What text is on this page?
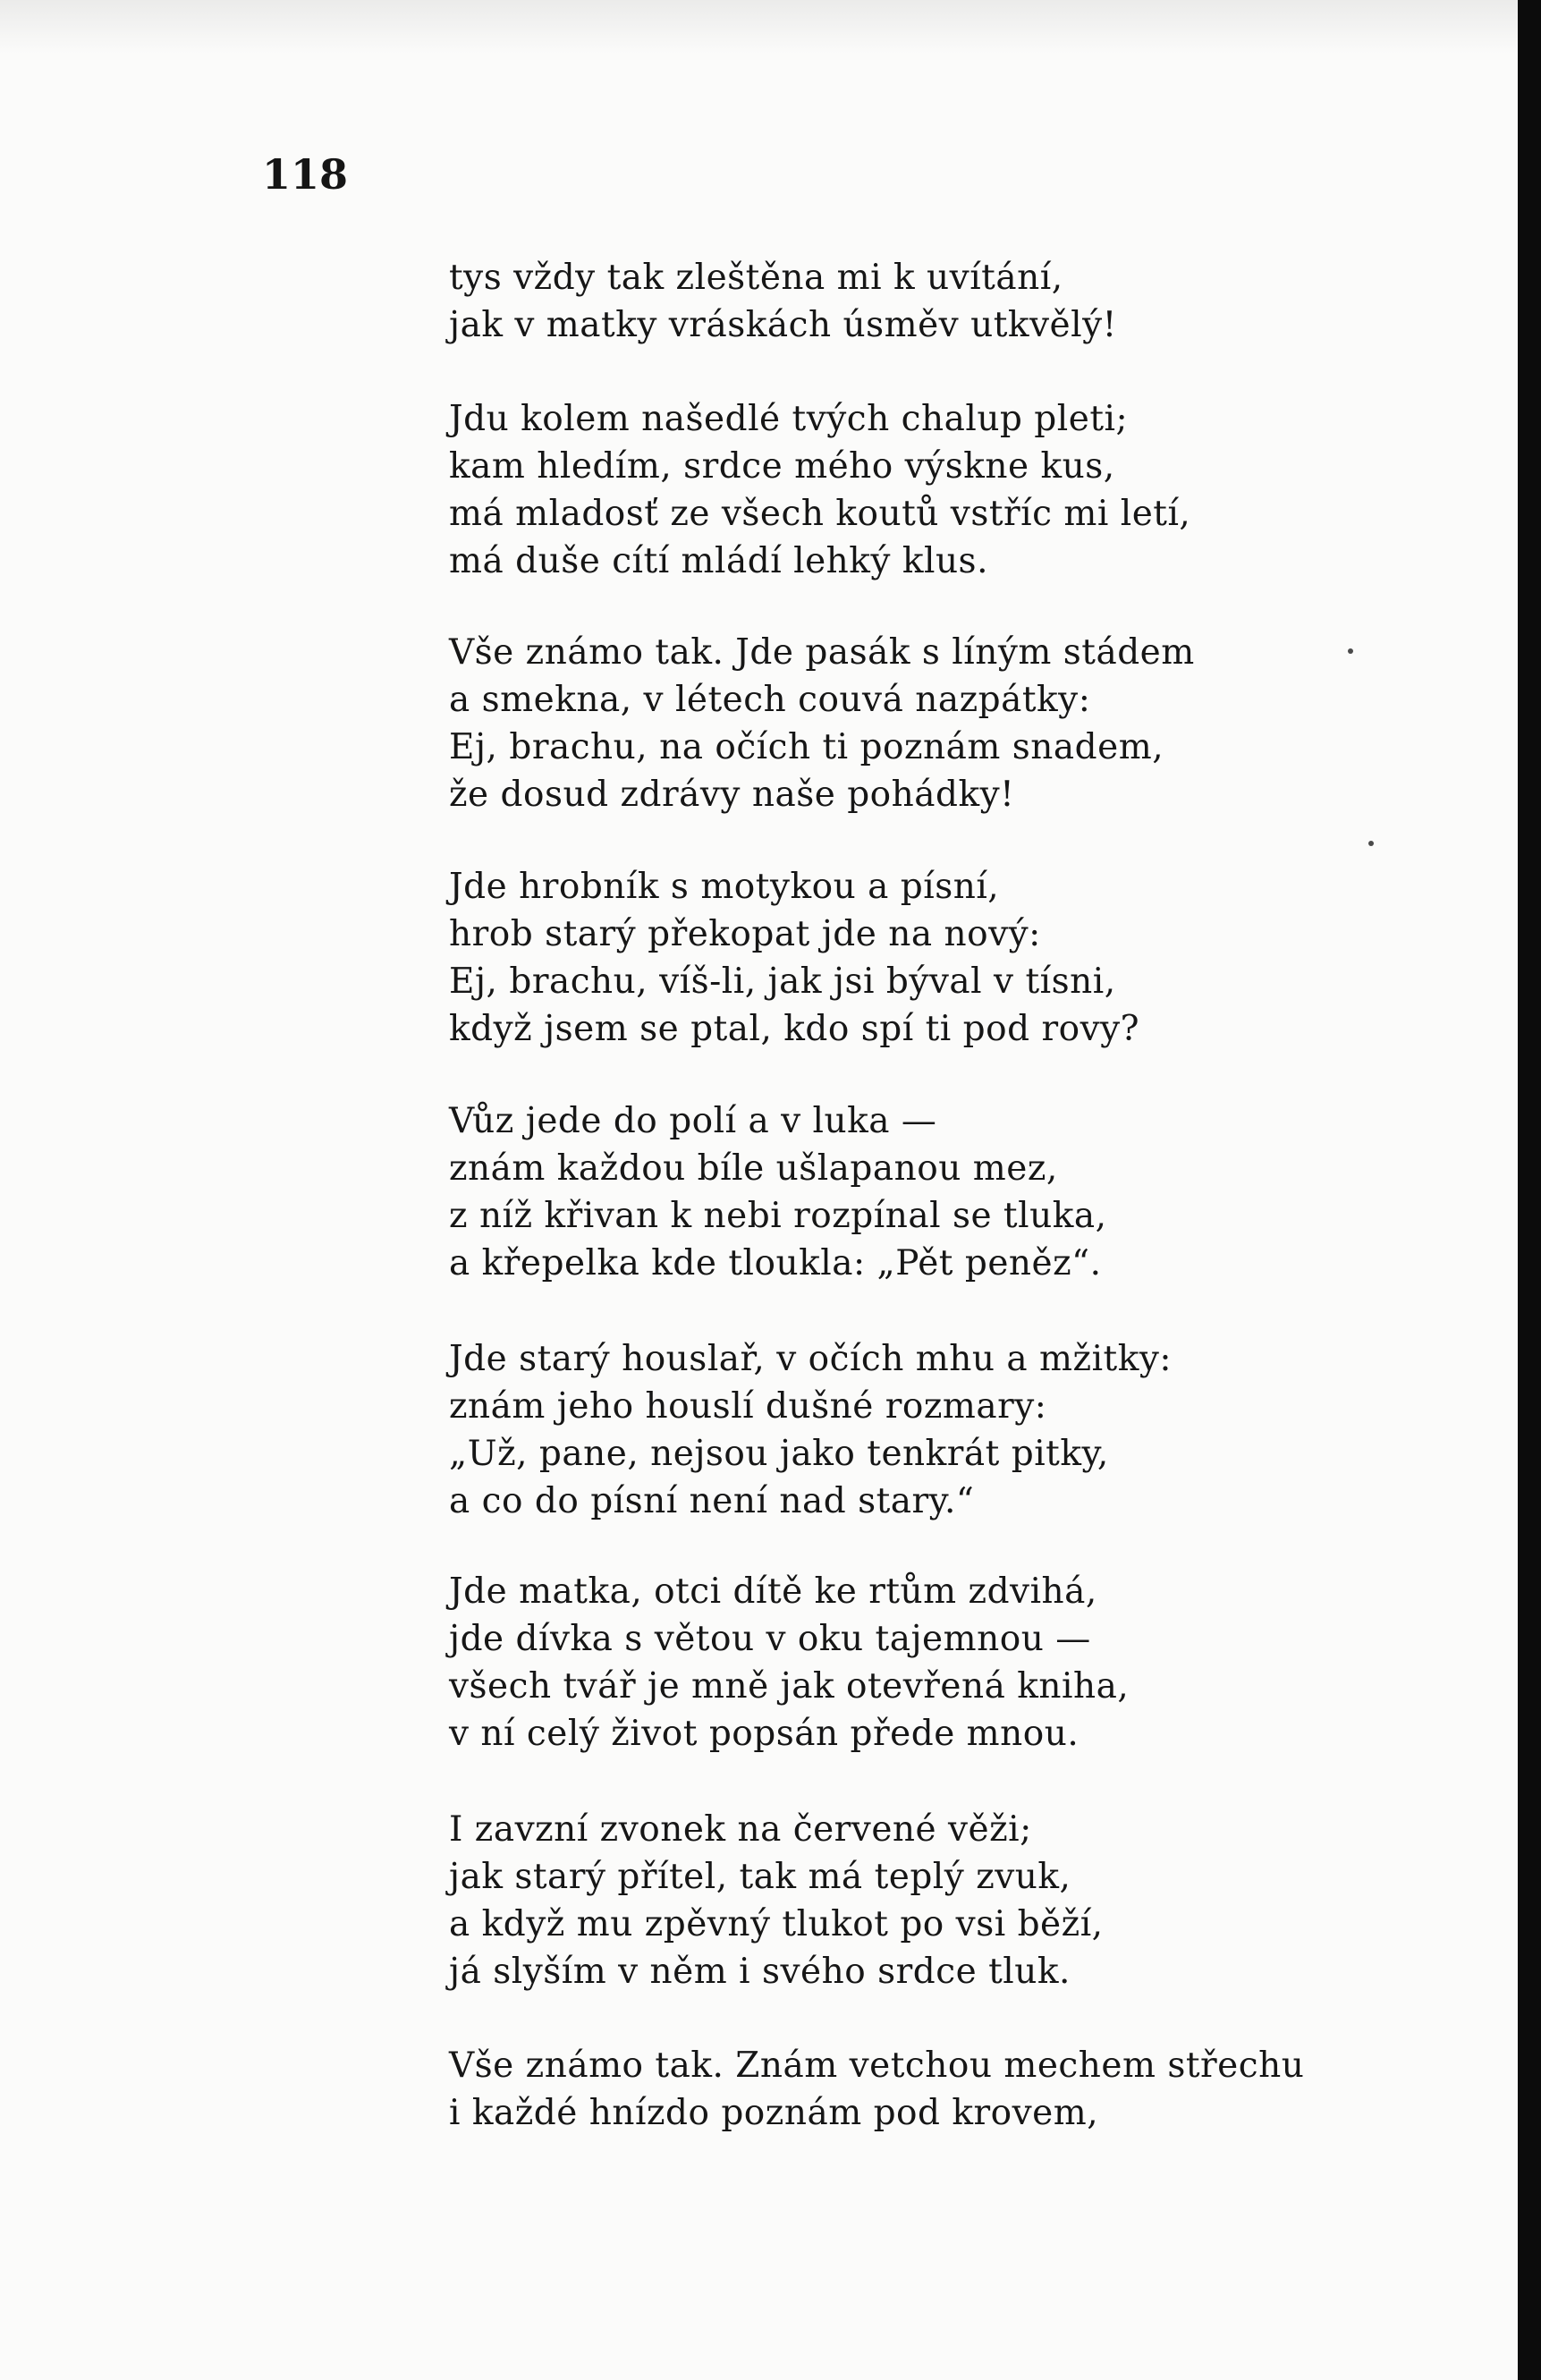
118
tys vždy tak zleštěna mi k uvítání,
jak v matky vráskách úsměv utkvělý!
Jdu kolem našedlé tvých chalup pleti;
kam hledím, srdce mého výskne kus,
má mladosť ze všech koutů vstříc mi letí,
má duše cítí mládí lehký klus.
Vše známo tak. Jde pasák s líným stádem
a smekna, v létech couvá nazpátky:
Ej, brachu, na očích ti poznám snadem,
že dosud zdrávy naše pohádky!
Jde hrobník s motykou a písní,
hrob starý překopat jde na nový:
Ej, brachu, víš-li, jak jsi býval v tísni,
když jsem se ptal, kdo spí ti pod rovy?
Vůz jede do polí a v luka —
znám každou bíle ušlapanou mez,
z níž křivan k nebi rozpínal se tluka,
a křepelka kde tloukla: „Pět peněz“.
Jde starý houslař, v očích mhu a mžitky:
znám jeho houslí dušné rozmary:
„Už, pane, nejsou jako tenkrát pitky,
a co do písní není nad stary.“
Jde matka, otci dítě ke rtům zdvihá,
jde dívka s větou v oku tajemnou —
všech tvář je mně jak otevřená kniha,
v ní celý život popsán přede mnou.
I zavzní zvonek na červené věži;
jak starý přítel, tak má teplý zvuk,
a když mu zpěvný tlukot po vsi běží,
já slyším v něm i svého srdce tluk.
Vše známo tak. Znám vetchou mechem střechu
i každé hnízdo poznám pod krovem,
